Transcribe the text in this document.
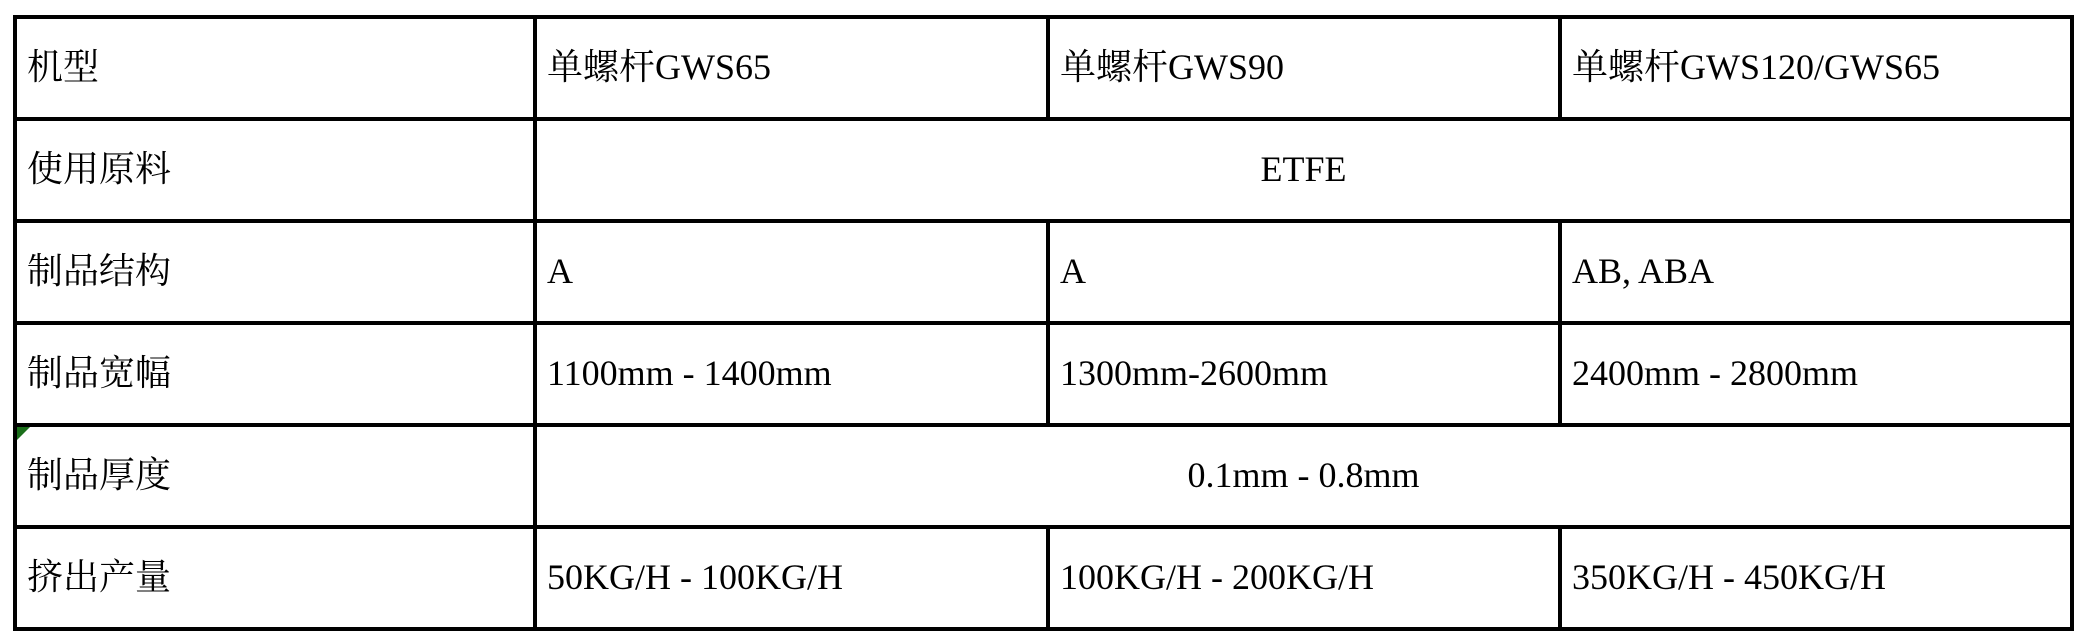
机型	单螺杆GWS65	单螺杆GWS90	单螺杆GWS120/GWS65
使用原料	ETFE		
制品结构	A	A	AB, ABA
制品宽幅	1100mm - 1400mm	1300mm-2600mm	2400mm - 2800mm

制品厚度	0.1mm - 0.8mm		
挤出产量	50KG/H - 100KG/H	100KG/H - 200KG/H	350KG/H - 450KG/H
